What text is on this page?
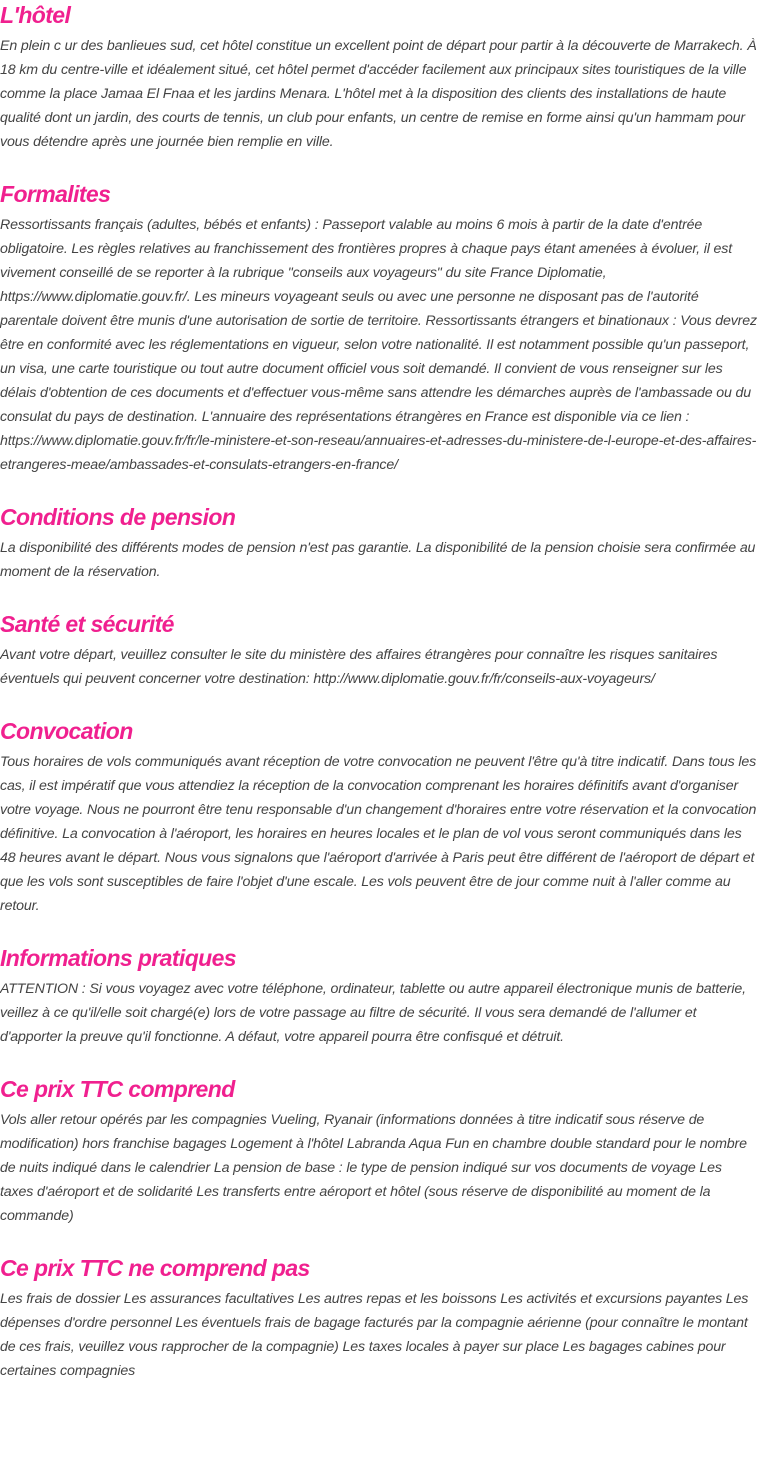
L'hôtel

En plein c ur des banlieues sud, cet hôtel constitue un excellent point de départ pour partir à la découverte de Marrakech. À 18 km du centre-ville et idéalement situé, cet hôtel permet d'accéder facilement aux principaux sites touristiques de la ville comme la place Jamaa El Fnaa et les jardins Menara. L'hôtel met à la disposition des clients des installations de haute qualité dont un jardin, des courts de tennis, un club pour enfants, un centre de remise en forme ainsi qu'un hammam pour vous détendre après une journée bien remplie en ville.

Formalites

Ressortissants français (adultes, bébés et enfants) : Passeport valable au moins 6 mois à partir de la date d'entrée obligatoire. Les règles relatives au franchissement des frontières propres à chaque pays étant amenées à évoluer, il est vivement conseillé de se reporter à la rubrique "conseils aux voyageurs" du site France Diplomatie, https://www.diplomatie.gouv.fr/. Les mineurs voyageant seuls ou avec une personne ne disposant pas de l'autorité parentale doivent être munis d'une autorisation de sortie de territoire. Ressortissants étrangers et binationaux : Vous devrez être en conformité avec les réglementations en vigueur, selon votre nationalité. Il est notamment possible qu'un passeport, un visa, une carte touristique ou tout autre document officiel vous soit demandé. Il convient de vous renseigner sur les délais d'obtention de ces documents et d'effectuer vous-même sans attendre les démarches auprès de l'ambassade ou du consulat du pays de destination. L'annuaire des représentations étrangères en France est disponible via ce lien : https://www.diplomatie.gouv.fr/fr/le-ministere-et-son-reseau/annuaires-et-adresses-du-ministere-de-l-europe-et-des-affaires-etrangeres-meae/ambassades-et-consulats-etrangers-en-france/

Conditions de pension

La disponibilité des différents modes de pension n'est pas garantie. La disponibilité de la pension choisie sera confirmée au moment de la réservation.

Santé et sécurité

Avant votre départ, veuillez consulter le site du ministère des affaires étrangères pour connaître les risques sanitaires éventuels qui peuvent concerner votre destination: http://www.diplomatie.gouv.fr/fr/conseils-aux-voyageurs/

Convocation

Tous horaires de vols communiqués avant réception de votre convocation ne peuvent l'être qu'à titre indicatif. Dans tous les cas, il est impératif que vous attendiez la réception de la convocation comprenant les horaires définitifs avant d'organiser votre voyage. Nous ne pourront être tenu responsable d'un changement d'horaires entre votre réservation et la convocation définitive. La convocation à l'aéroport, les horaires en heures locales et le plan de vol vous seront communiqués dans les 48 heures avant le départ. Nous vous signalons que l'aéroport d'arrivée à Paris peut être différent de l'aéroport de départ et que les vols sont susceptibles de faire l'objet d'une escale. Les vols peuvent être de jour comme nuit à l'aller comme au retour.

Informations pratiques

ATTENTION : Si vous voyagez avec votre téléphone, ordinateur, tablette ou autre appareil électronique munis de batterie, veillez à ce qu'il/elle soit chargé(e) lors de votre passage au filtre de sécurité. Il vous sera demandé de l'allumer et d'apporter la preuve qu'il fonctionne. A défaut, votre appareil pourra être confisqué et détruit.

Ce prix TTC comprend

Vols aller retour opérés par les compagnies Vueling, Ryanair (informations données à titre indicatif sous réserve de modification) hors franchise bagages Logement à l'hôtel Labranda Aqua Fun en chambre double standard pour le nombre de nuits indiqué dans le calendrier La pension de base : le type de pension indiqué sur vos documents de voyage Les taxes d'aéroport et de solidarité Les transferts entre aéroport et hôtel (sous réserve de disponibilité au moment de la commande)

Ce prix TTC ne comprend pas

Les frais de dossier Les assurances facultatives Les autres repas et les boissons Les activités et excursions payantes Les dépenses d'ordre personnel Les éventuels frais de bagage facturés par la compagnie aérienne (pour connaître le montant de ces frais, veuillez vous rapprocher de la compagnie) Les taxes locales à payer sur place Les bagages cabines pour certaines compagnies
